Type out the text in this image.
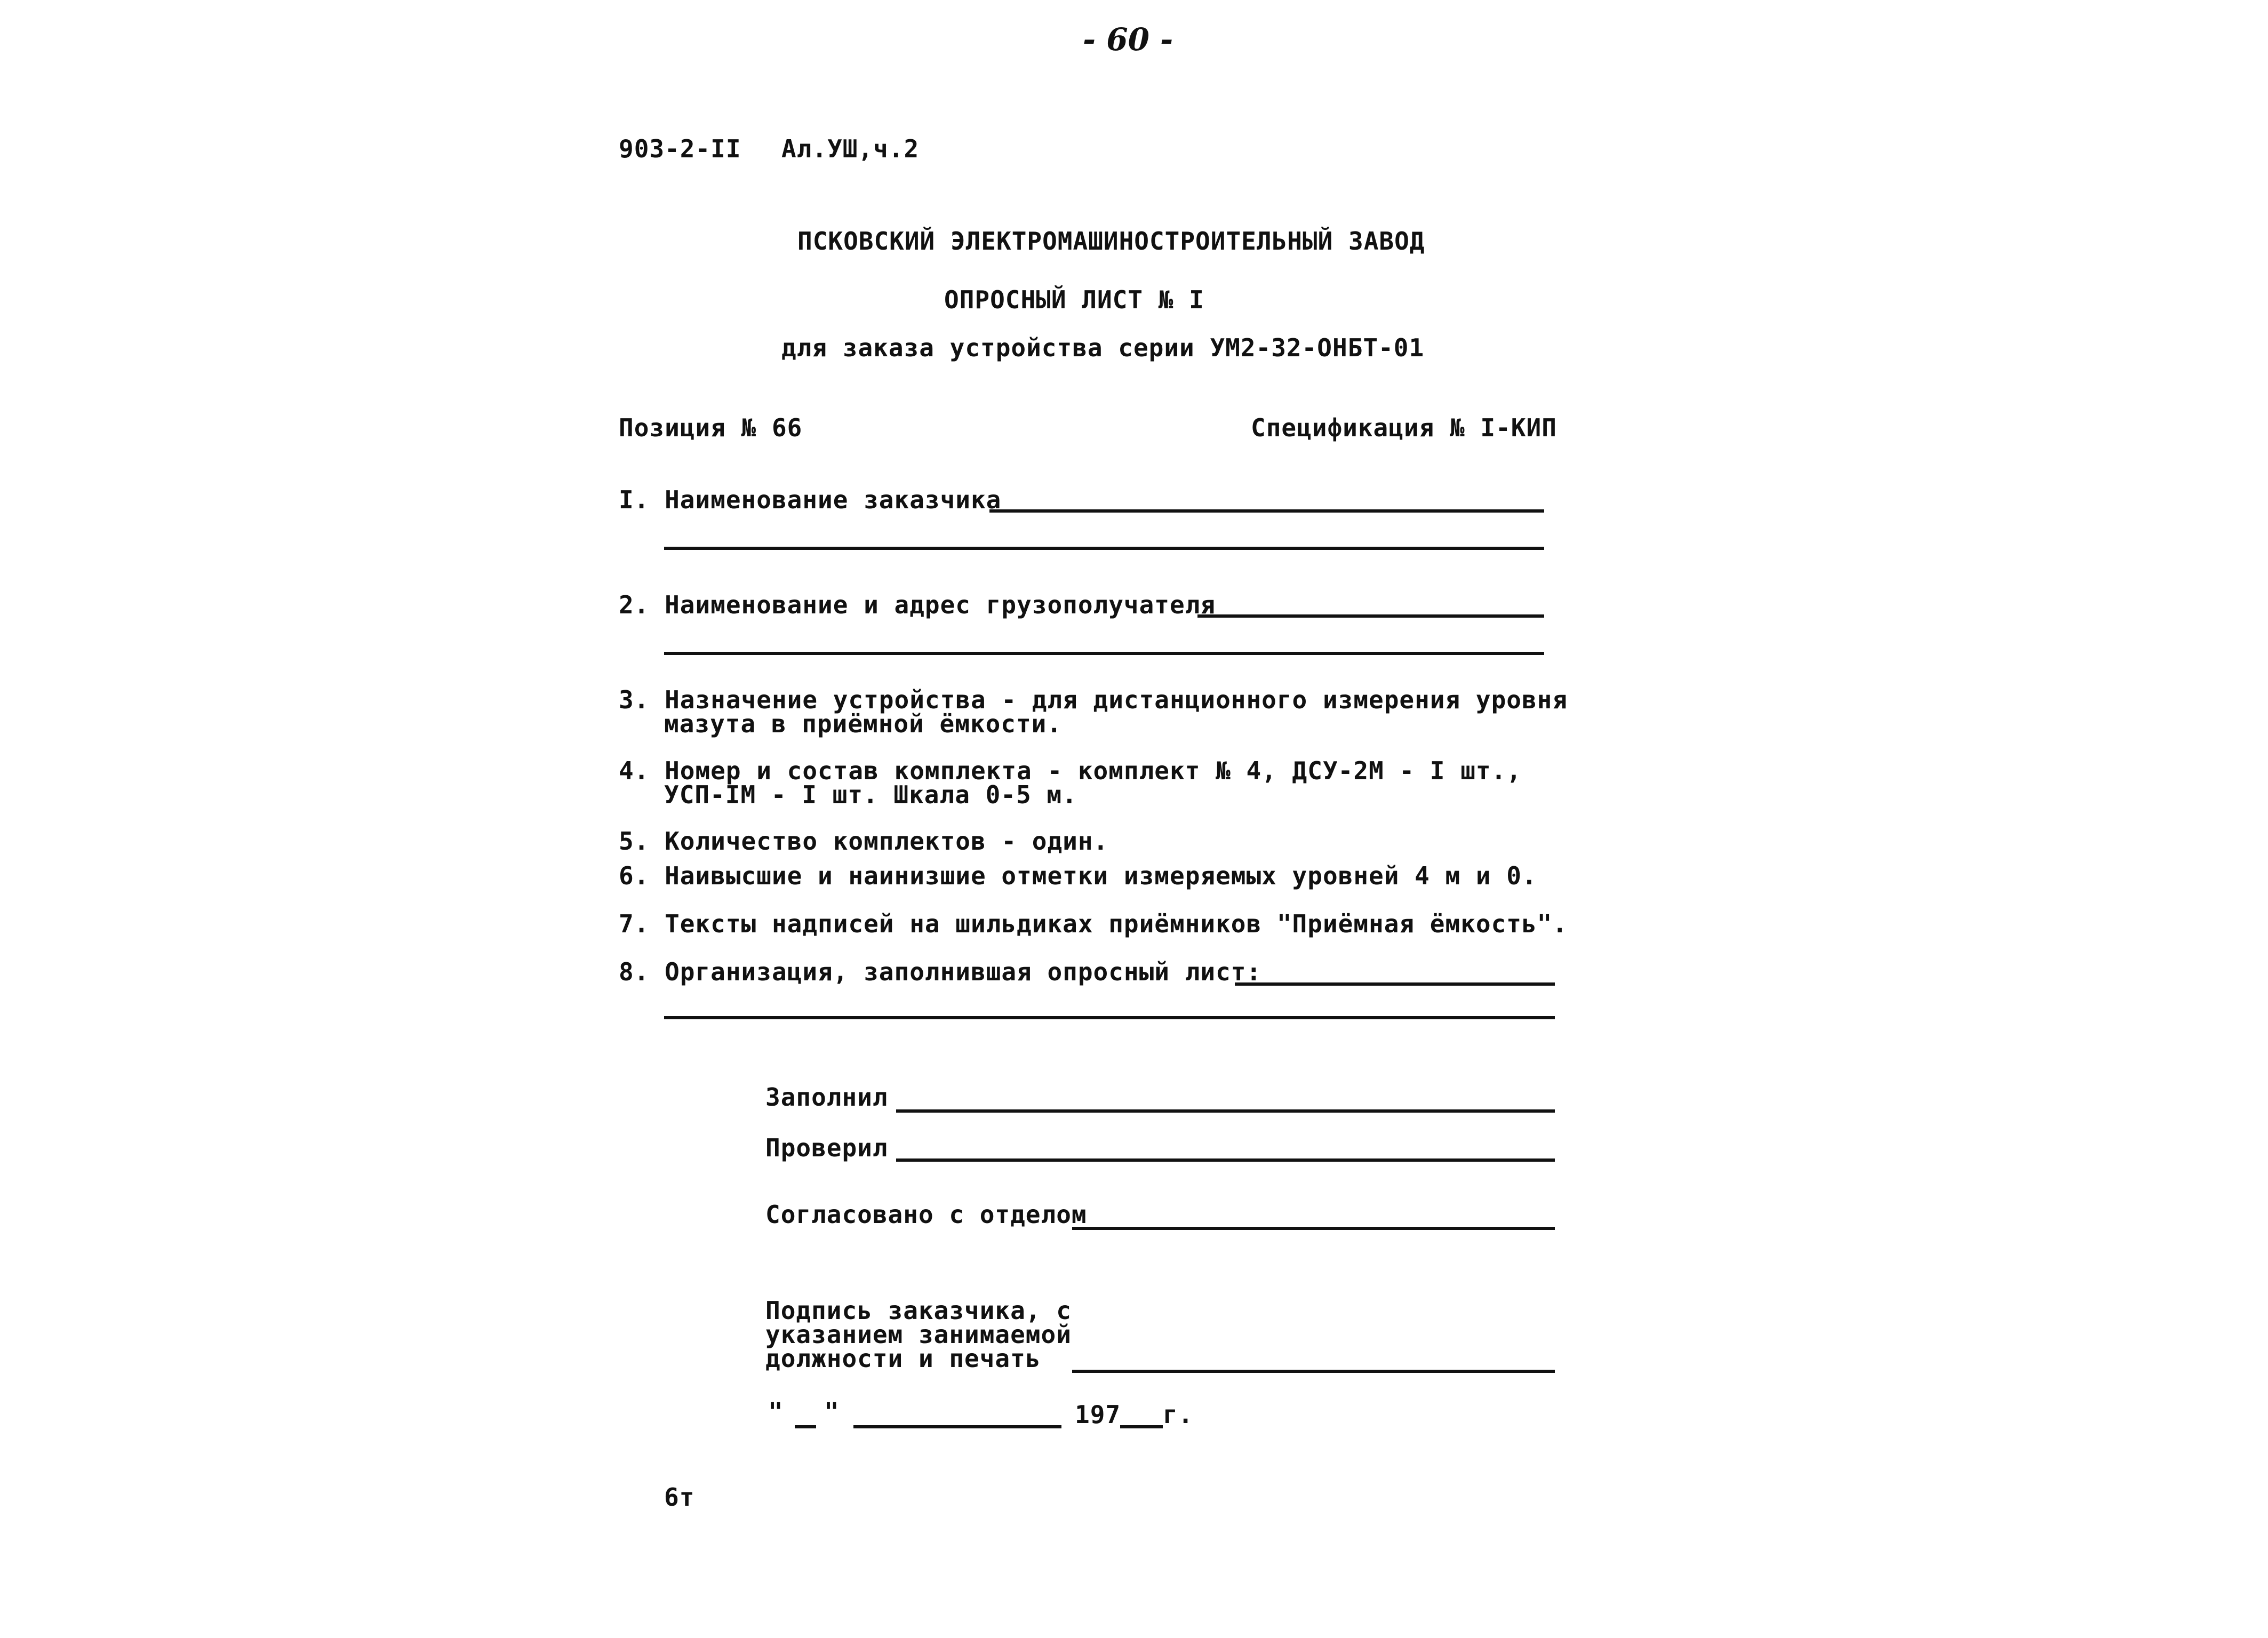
- 60 -
903-2-II Ал.УШ,ч.2
ПСКОВСКИЙ ЭЛЕКТРОМАШИНОСТРОИТЕЛЬНЫЙ ЗАВОД
ОПРОСНЫЙ ЛИСТ № I
для заказа устройства серии УМ2-32-ОНБТ-01
Позиция № 66	Спецификация № I-КИП
I. Наименование заказчика
2. Наименование и адрес грузополучателя
3. Назначение устройства - для дистанционного измерения уровня
мазута в приёмной ёмкости.
4. Номер и состав комплекта - комплект № 4, ДСУ-2М - I шт.,
УСП-IM - I шт. Шкала 0-5 м.
5. Количество комплектов - один.
6. Наивысшие и наинизшие отметки измеряемых уровней 4 м и 0.
7. Тексты надписей на шильдиках приёмников "Приёмная ёмкость".
8. Организация, заполнившая опросный лист:
Заполнил
Проверил
Согласовано с отделом
Подпись заказчика, с
указанием занимаемой
должности и печать
" "	197 г.
6т
